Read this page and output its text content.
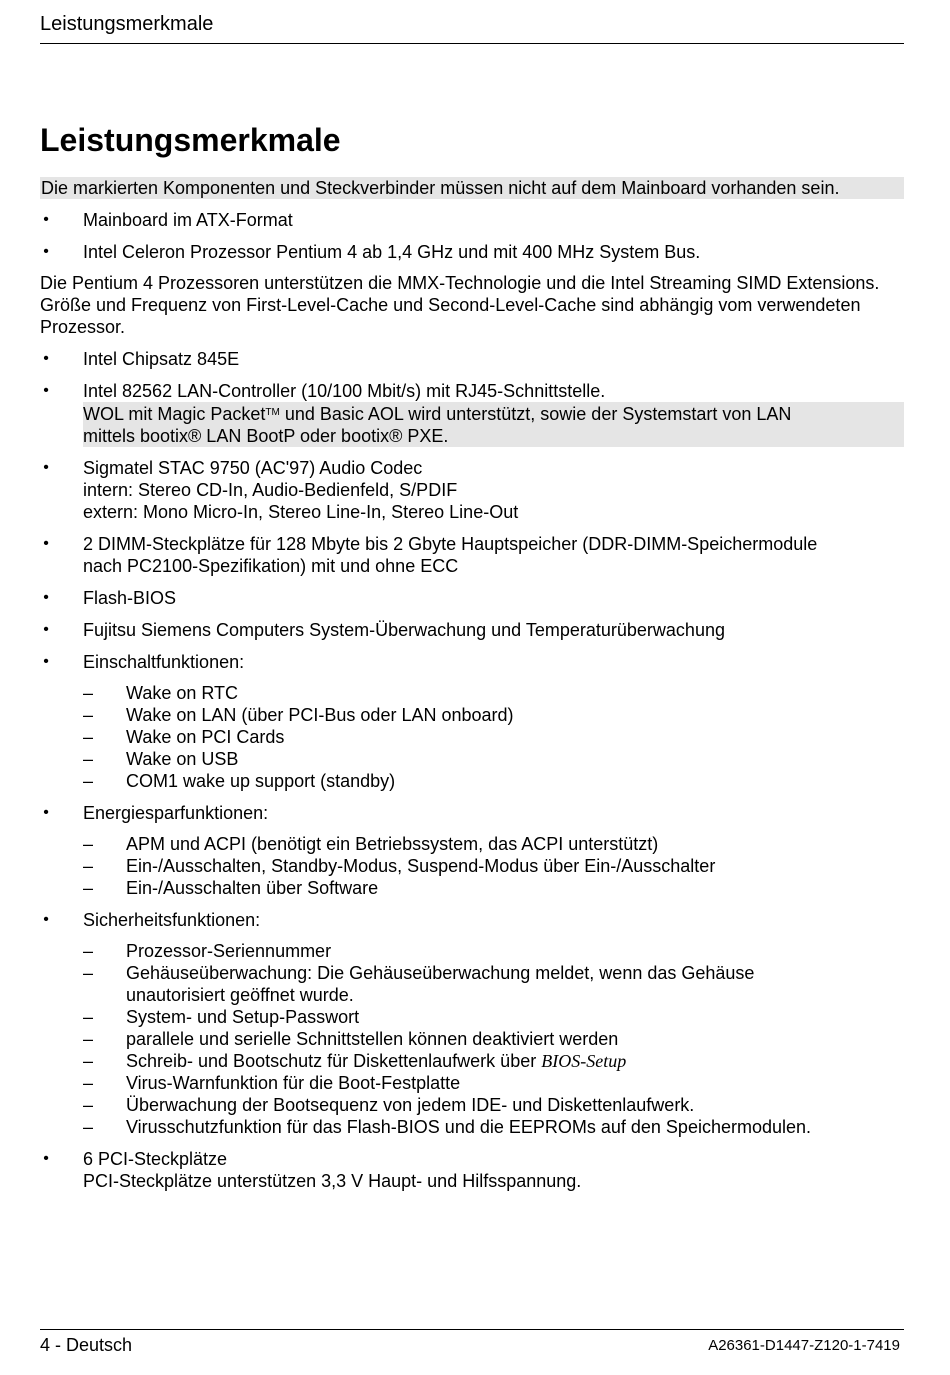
Leistungsmerkmale
Leistungsmerkmale
Die markierten Komponenten und Steckverbinder müssen nicht auf dem Mainboard vorhanden sein.
• Mainboard im ATX-Format
• Intel Celeron Prozessor Pentium 4 ab 1,4 GHz und mit 400 MHz System Bus.

Die Pentium 4 Prozessoren unterstützen die MMX-Technologie und die Intel Streaming SIMD Extensions. Größe und Frequenz von First-Level-Cache und Second-Level-Cache sind abhängig vom verwendeten Prozessor.

• Intel Chipsatz 845E
• Intel 82562 LAN-Controller (10/100 Mbit/s) mit RJ45-Schnittstelle.
WOL mit Magic Packet™ und Basic AOL wird unterstützt, sowie der Systemstart von LAN
mittels bootix® LAN BootP oder bootix® PXE.
• Sigmatel STAC 9750 (AC'97) Audio Codec
intern: Stereo CD-In, Audio-Bedienfeld, S/PDIF
extern: Mono Micro-In, Stereo Line-In, Stereo Line-Out
• 2 DIMM-Steckplätze für 128 Mbyte bis 2 Gbyte Hauptspeicher (DDR-DIMM-Speichermodule
nach PC2100-Spezifikation) mit und ohne ECC
• Flash-BIOS
• Fujitsu Siemens Computers System-Überwachung und Temperaturüberwachung
• Einschaltfunktionen:
– Wake on RTC
– Wake on LAN (über PCI-Bus oder LAN onboard)
– Wake on PCI Cards
– Wake on USB
– COM1 wake up support (standby)
• Energiesparfunktionen:
– APM und ACPI (benötigt ein Betriebssystem, das ACPI unterstützt)
– Ein-/Ausschalten, Standby-Modus, Suspend-Modus über Ein-/Ausschalter
– Ein-/Ausschalten über Software
• Sicherheitsfunktionen:
– Prozessor-Seriennummer
– Gehäuseüberwachung: Die Gehäuseüberwachung meldet, wenn das Gehäuse
unautorisiert geöffnet wurde.
– System- und Setup-Passwort
– parallele und serielle Schnittstellen können deaktiviert werden
– Schreib- und Bootschutz für Diskettenlaufwerk über BIOS-Setup
– Virus-Warnfunktion für die Boot-Festplatte
– Überwachung der Bootsequenz von jedem IDE- und Diskettenlaufwerk.
– Virusschutzfunktion für das Flash-BIOS und die EEPROMs auf den Speichermodulen.
• 6 PCI-Steckplätze
PCI-Steckplätze unterstützen 3,3 V Haupt- und Hilfsspannung.
4 - Deutsch	A26361-D1447-Z120-1-7419
